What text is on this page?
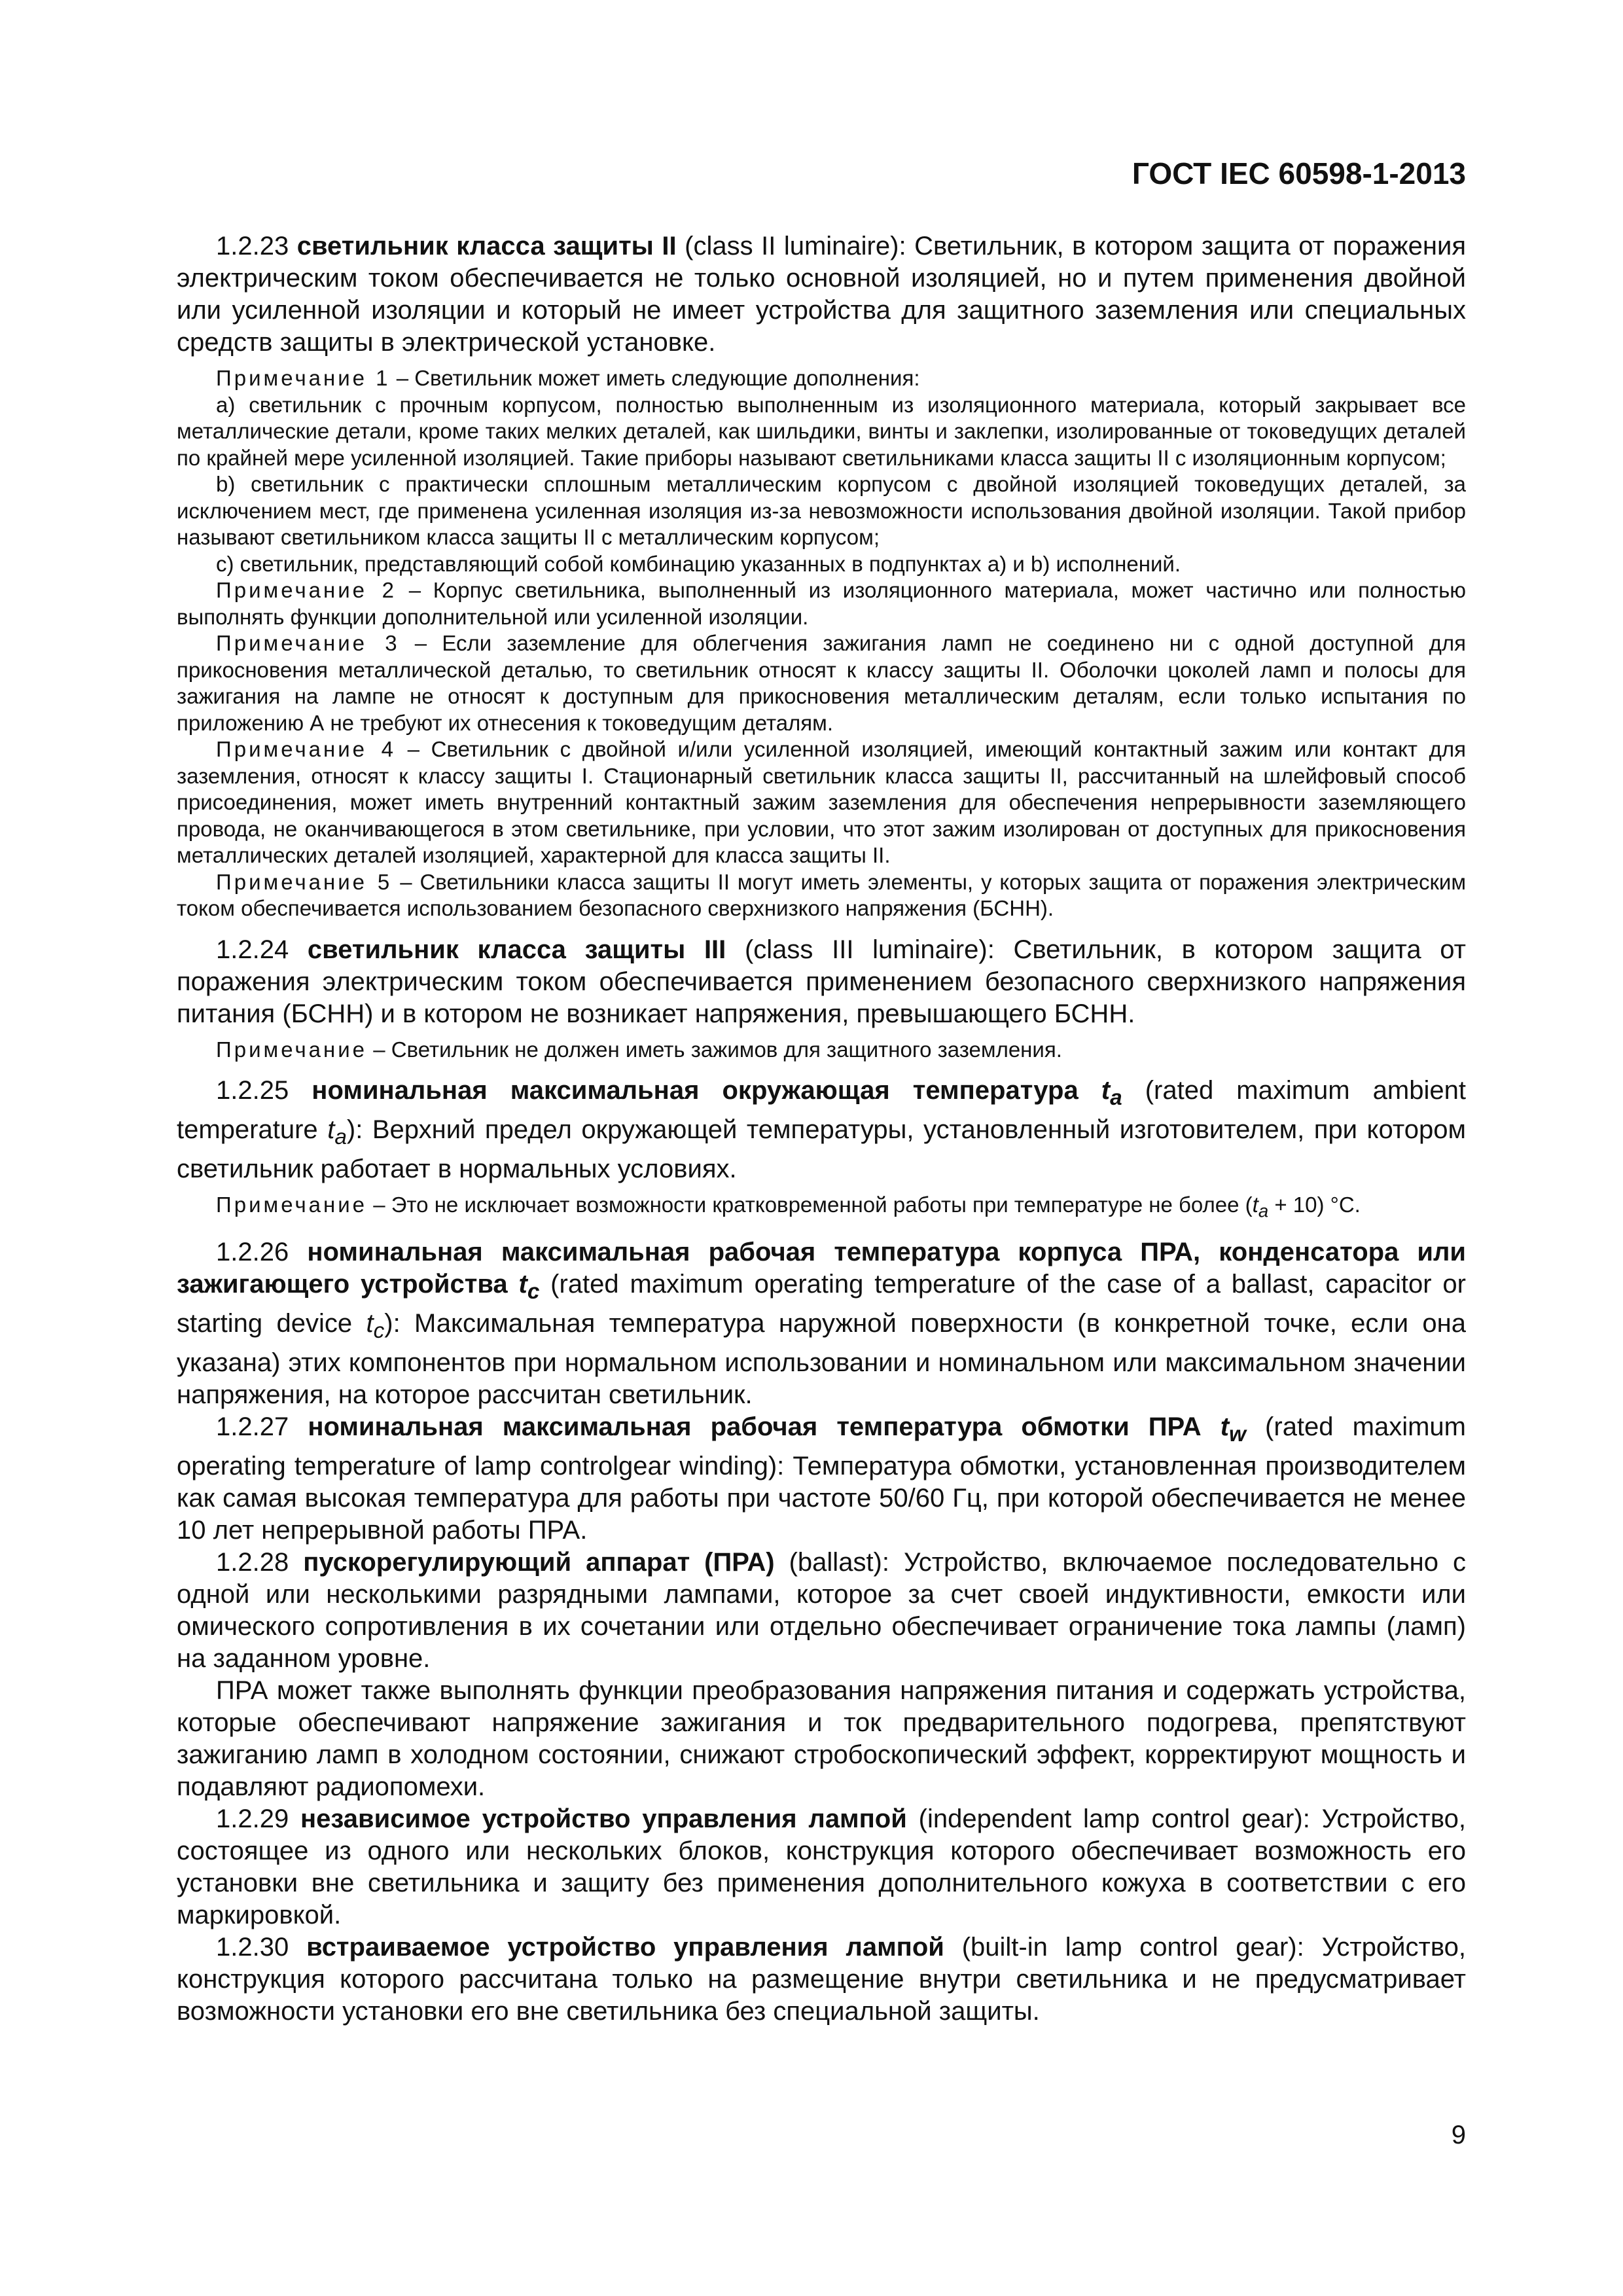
ГОСТ IEC 60598-1-2013

1.2.23 светильник класса защиты II (class II luminaire): Светильник, в котором защита от поражения электрическим током обеспечивается не только основной изоляцией, но и путем применения двойной или усиленной изоляции и который не имеет устройства для защитного заземления или специальных средств защиты в электрической установке.

Примечание 1 – Светильник может иметь следующие дополнения:

a) светильник с прочным корпусом, полностью выполненным из изоляционного материала, который закрывает все металлические детали, кроме таких мелких деталей, как шильдики, винты и заклепки, изолированные от токоведущих деталей по крайней мере усиленной изоляцией. Такие приборы называют светильниками класса защиты II с изоляционным корпусом;

b) светильник с практически сплошным металлическим корпусом с двойной изоляцией токоведущих деталей, за исключением мест, где применена усиленная изоляция из-за невозможности использования двойной изоляции. Такой прибор называют светильником класса защиты II с металлическим корпусом;

c) светильник, представляющий собой комбинацию указанных в подпунктах a) и b) исполнений.

Примечание 2 – Корпус светильника, выполненный из изоляционного материала, может частично или полностью выполнять функции дополнительной или усиленной изоляции.

Примечание 3 – Если заземление для облегчения зажигания ламп не соединено ни с одной доступной для прикосновения металлической деталью, то светильник относят к классу защиты II. Оболочки цоколей ламп и полосы для зажигания на лампе не относят к доступным для прикосновения металлическим деталям, если только испытания по приложению А не требуют их отнесения к токоведущим деталям.

Примечание 4 – Светильник с двойной и/или усиленной изоляцией, имеющий контактный зажим или контакт для заземления, относят к классу защиты I. Стационарный светильник класса защиты II, рассчитанный на шлейфовый способ присоединения, может иметь внутренний контактный зажим заземления для обеспечения непрерывности заземляющего провода, не оканчивающегося в этом светильнике, при условии, что этот зажим изолирован от доступных для прикосновения металлических деталей изоляцией, характерной для класса защиты II.

Примечание 5 – Светильники класса защиты II могут иметь элементы, у которых защита от поражения электрическим током обеспечивается использованием безопасного сверхнизкого напряжения (БСНН).

1.2.24 светильник класса защиты III (class III luminaire): Светильник, в котором защита от поражения электрическим током обеспечивается применением безопасного сверхнизкого напряжения питания (БСНН) и в котором не возникает напряжения, превышающего БСНН.

Примечание – Светильник не должен иметь зажимов для защитного заземления.

1.2.25 номинальная максимальная окружающая температура $t_a$ (rated maximum ambient temperature $t_a$): Верхний предел окружающей температуры, установленный изготовителем, при котором светильник работает в нормальных условиях.

Примечание – Это не исключает возможности кратковременной работы при температуре не более $(t_a + 10)$ °C.

1.2.26 номинальная максимальная рабочая температура корпуса ПРА, конденсатора или зажигающего устройства $t_c$ (rated maximum operating temperature of the case of a ballast, capacitor or starting device $t_c$): Максимальная температура наружной поверхности (в конкретной точке, если она указана) этих компонентов при нормальном использовании и номинальном или максимальном значении напряжения, на которое рассчитан светильник.

1.2.27 номинальная максимальная рабочая температура обмотки ПРА $t_w$ (rated maximum operating temperature of lamp controlgear winding): Температура обмотки, установленная производителем как самая высокая температура для работы при частоте 50/60 Гц, при которой обеспечивается не менее 10 лет непрерывной работы ПРА.

1.2.28 пускорегулирующий аппарат (ПРА) (ballast): Устройство, включаемое последовательно с одной или несколькими разрядными лампами, которое за счет своей индуктивности, емкости или омического сопротивления в их сочетании или отдельно обеспечивает ограничение тока лампы (ламп) на заданном уровне.

ПРА может также выполнять функции преобразования напряжения питания и содержать устройства, которые обеспечивают напряжение зажигания и ток предварительного подогрева, препятствуют зажиганию ламп в холодном состоянии, снижают стробоскопический эффект, корректируют мощность и подавляют радиопомехи.

1.2.29 независимое устройство управления лампой (independent lamp control gear): Устройство, состоящее из одного или нескольких блоков, конструкция которого обеспечивает возможность его установки вне светильника и защиту без применения дополнительного кожуха в соответствии с его маркировкой.

1.2.30 встраиваемое устройство управления лампой (built-in lamp control gear): Устройство, конструкция которого рассчитана только на размещение внутри светильника и не предусматривает возможности установки его вне светильника без специальной защиты.

9
